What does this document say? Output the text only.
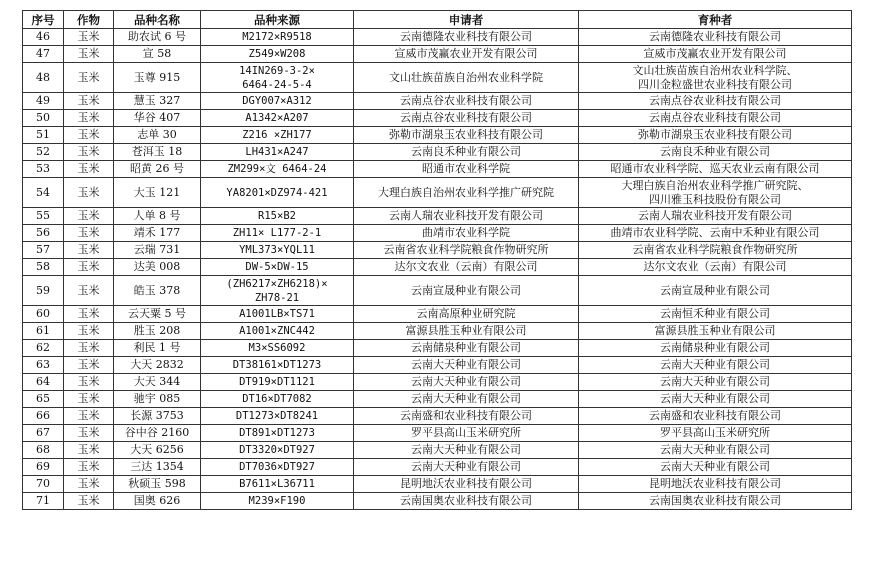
序号	作物	品种名称	品种来源	申请者	育种者
46	玉米	助农试 6 号	M2172×R9518	云南德隆农业科技有限公司	云南德隆农业科技有限公司

47	玉米	宣 58	Z549×W208	宣威市茂赢农业开发有限公司	宣威市茂赢农业开发有限公司

48	玉米	玉尊 915	14IN269-3-2×
6464-24-5-4	文山壮族苗族自治州农业科学院	文山壮族苗族自治州农业科学院、
四川金粒盛世农业科技有限公司

49	玉米	慧玉 327	DGY007×A312	云南点谷农业科技有限公司	云南点谷农业科技有限公司

50	玉米	华谷 407	A1342×A207	云南点谷农业科技有限公司	云南点谷农业科技有限公司

51	玉米	志单 30	Z216 ×ZH177	弥勒市湖泉玉农业科技有限公司	弥勒市湖泉玉农业科技有限公司

52	玉米	苍洱玉 18	LH431×A247	云南良禾种业有限公司	云南良禾种业有限公司

53	玉米	昭黄 26 号	ZM299×文 6464-24	昭通市农业科学院	昭通市农业科学院、巡天农业云南有限公司

54	玉米	大玉 121	YA8201×DZ974-421	大理白族自治州农业科学推广研究院	大理白族自治州农业科学推广研究院、
四川雅玉科技股份有限公司

55	玉米	人单 8 号	R15×B2	云南人瑞农业科技开发有限公司	云南人瑞农业科技开发有限公司

56	玉米	靖禾 177	ZH11× L177-2-1	曲靖市农业科学院	曲靖市农业科学院、云南中禾种业有限公司

57	玉米	云瑞 731	YML373×YQL11	云南省农业科学院粮食作物研究所	云南省农业科学院粮食作物研究所

58	玉米	达美 008	DW-5×DW-15	达尔文农业（云南）有限公司	达尔文农业（云南）有限公司

59	玉米	皓玉 378	(ZH6217×ZH6218)×
ZH78-21	云南宣晟种业有限公司	云南宣晟种业有限公司

60	玉米	云天粟 5 号	A1001LB×TS71	云南高原种业研究院	云南恒禾种业有限公司

61	玉米	胜玉 208	A1001×ZNC442	富源县胜玉种业有限公司	富源县胜玉种业有限公司

62	玉米	利民 1 号	M3×SS6092	云南储泉种业有限公司	云南储泉种业有限公司

63	玉米	大天 2832	DT38161×DT1273	云南大天种业有限公司	云南大天种业有限公司

64	玉米	大天 344	DT919×DT1121	云南大天种业有限公司	云南大天种业有限公司

65	玉米	驰宇 085	DT16×DT7082	云南大天种业有限公司	云南大天种业有限公司

66	玉米	长源 3753	DT1273×DT8241	云南盛和农业科技有限公司	云南盛和农业科技有限公司

67	玉米	谷中谷 2160	DT891×DT1273	罗平县高山玉米研究所	罗平县高山玉米研究所

68	玉米	大天 6256	DT3320×DT927	云南大天种业有限公司	云南大天种业有限公司

69	玉米	三达 1354	DT7036×DT927	云南大天种业有限公司	云南大天种业有限公司

70	玉米	秋硕玉 598	B7611×L36711	昆明地沃农业科技有限公司	昆明地沃农业科技有限公司

71	玉米	国奥 626	M239×F190	云南国奥农业科技有限公司	云南国奥农业科技有限公司
